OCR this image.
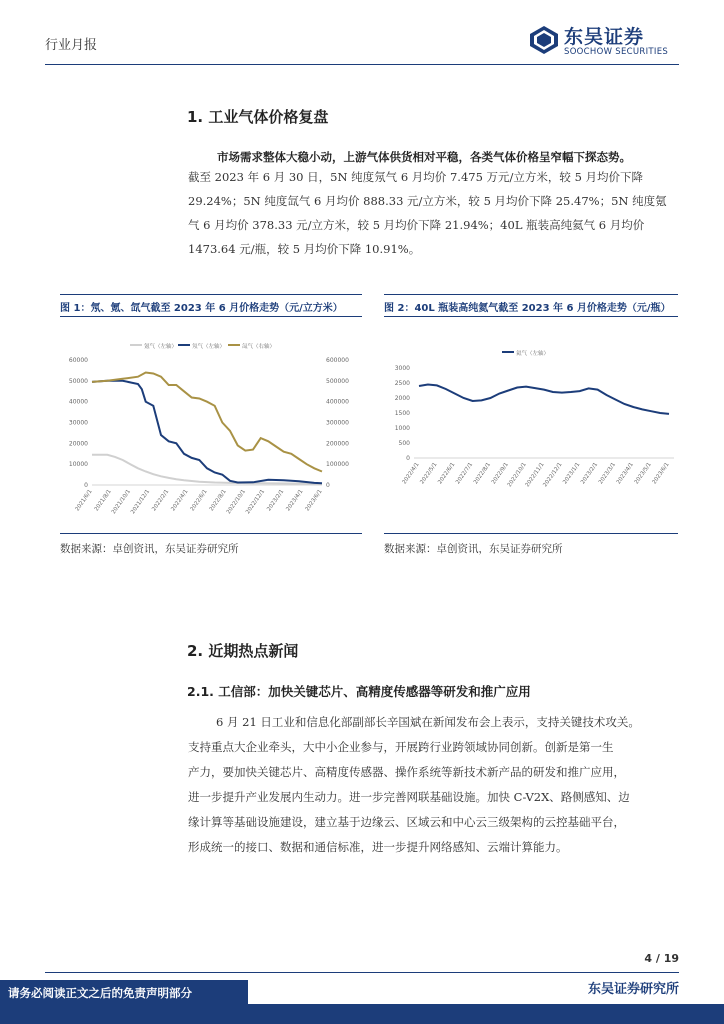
行业月报	东吴证券
SOOCHOW SECURITIES
1. 工业气体价格复盘
市场需求整体大稳小动，上游气体供货相对平稳，各类气体价格呈窄幅下探态势。
截至 2023 年 6 月 30 日，5N 纯度氖气 6 月均价 7.475 万元/立方米，较 5 月均价下降
29.24%；5N 纯度氙气 6 月均价 888.33 元/立方米，较 5 月均价下降 25.47%；5N 纯度氪
气 6 月均价 378.33 元/立方米，较 5 月均价下降 21.94%；40L 瓶装高纯氦气 6 月均价
1473.64 元/瓶，较 5 月均价下降 10.91%。
图 1：氖、氪、氙气截至 2023 年 6 月价格走势（元/立方米）	图 2：40L 瓶装高纯氦气截至 2023 年 6 月价格走势（元/瓶）
氪气（左轴）	氖气（左轴）	氙气（右轴）
0
10000
20000
30000
40000
50000
60000
0
100000
200000
300000
400000
500000
600000
2021/6/1 2021/8/1
2021/10/1
2021/12/1 2022/2/1 2022/4/1 2022/6/1 2022/8/1
2022/10/1
2022/12/1 2023/2/1 2023/4/1 2023/6/1
氦气（左轴）
0
500
1000
1500
2000
2500
3000
2022/4/1
2022/5/1
2022/6/1
2022/7/1
2022/8/1
2022/9/1
2022/10/1
2022/11/1
2022/12/1
2023/1/1
2023/2/1
2023/3/1
2023/4/1
2023/5/1
2023/6/1
数据来源：卓创资讯，东吴证券研究所	数据来源：卓创资讯，东吴证券研究所
2. 近期热点新闻
2.1. 工信部：加快关键芯片、高精度传感器等研发和推广应用
6 月 21 日工业和信息化部副部长辛国斌在新闻发布会上表示，支持关键技术攻关。
支持重点大企业牵头，大中小企业参与，开展跨行业跨领域协同创新。创新是第一生
产力，要加快关键芯片、高精度传感器、操作系统等新技术新产品的研发和推广应用，
进一步提升产业发展内生动力。进一步完善网联基础设施。加快 C-V2X、路侧感知、边
缘计算等基础设施建设，建立基于边缘云、区域云和中心云三级架构的云控基础平台，
形成统一的接口、数据和通信标准，进一步提升网络感知、云端计算能力。
4 / 19
东吴证券研究所
请务必阅读正文之后的免责声明部分
